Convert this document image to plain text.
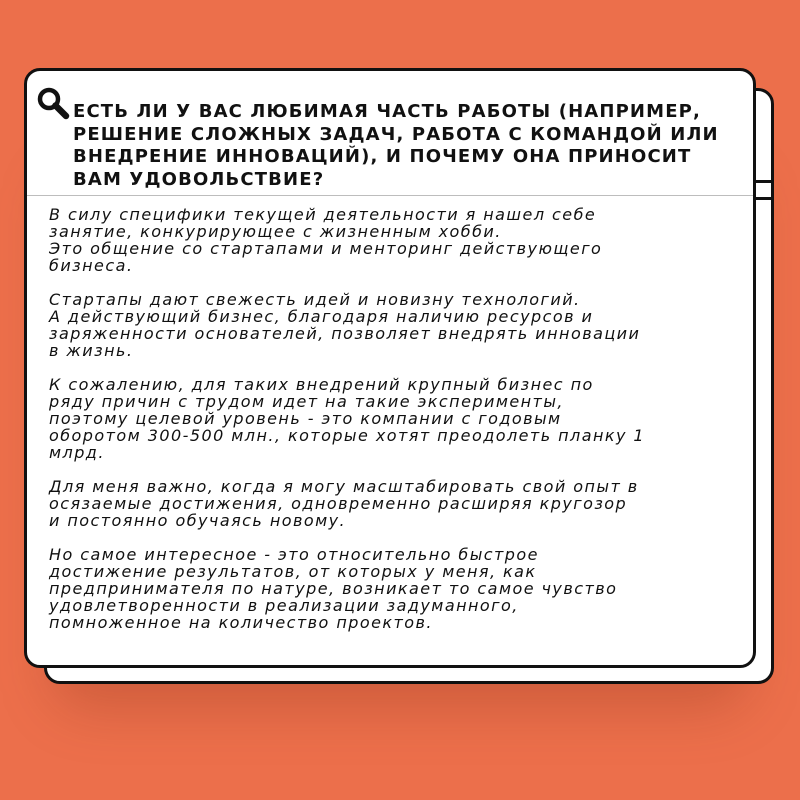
ЕСТЬ ЛИ У ВАС ЛЮБИМАЯ ЧАСТЬ РАБОТЫ (НАПРИМЕР,
РЕШЕНИЕ СЛОЖНЫХ ЗАДАЧ, РАБОТА С КОМАНДОЙ ИЛИ
ВНЕДРЕНИЕ ИННОВАЦИЙ), И ПОЧЕМУ ОНА ПРИНОСИТ
ВАМ УДОВОЛЬСТВИЕ?

В силу специфики текущей деятельности я нашел себе
занятие, конкурирующее с жизненным хобби.
Это общение со стартапами и менторинг действующего
бизнеса.

Стартапы дают свежесть идей и новизну технологий.
А действующий бизнес, благодаря наличию ресурсов и
заряженности основателей, позволяет внедрять инновации
в жизнь.

К сожалению, для таких внедрений крупный бизнес по
ряду причин с трудом идет на такие эксперименты,
поэтому целевой уровень - это компании с годовым
оборотом 300-500 млн., которые хотят преодолеть планку 1
млрд.

Для меня важно, когда я могу масштабировать свой опыт в
осязаемые достижения, одновременно расширяя кругозор
и постоянно обучаясь новому.

Но самое интересное - это относительно быстрое
достижение результатов, от которых у меня, как
предпринимателя по натуре, возникает то самое чувство
удовлетворенности в реализации задуманного,
помноженное на количество проектов.
